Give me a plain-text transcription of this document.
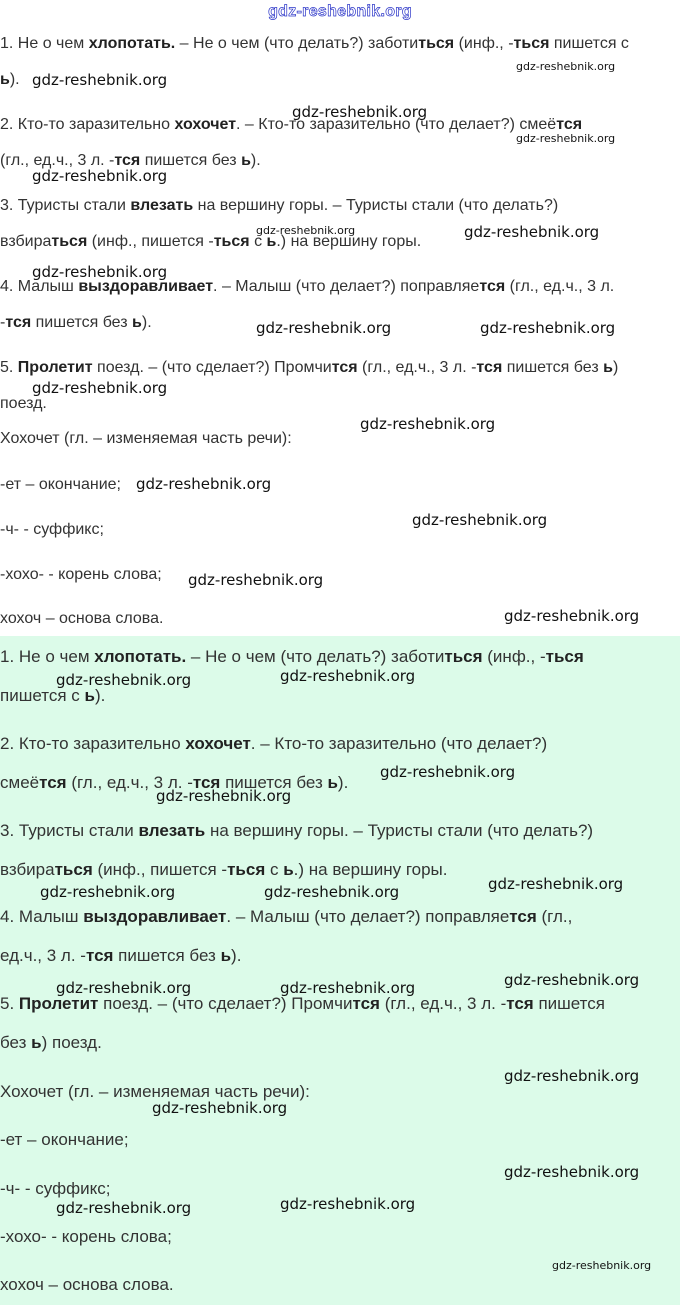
gdz-reshebnik.org

1. Не о чем хлопотать. – Не о чем (что делать?) заботиться (инф., -ться пишется с

ь).

2. Кто-то заразительно хохочет. – Кто-то заразительно (что делает?) смеётся

(гл., ед.ч., 3 л. -тся пишется без ь).

3. Туристы стали влезать на вершину горы. – Туристы стали (что делать?)

взбираться (инф., пишется -ться с ь.) на вершину горы.

4. Малыш выздоравливает. – Малыш (что делает?) поправляется (гл., ед.ч., 3 л.

-тся пишется без ь).

5. Пролетит поезд. – (что сделает?) Промчится (гл., ед.ч., 3 л. -тся пишется без ь)

поезд.

Хохочет (гл. – изменяемая часть речи):

-ет – окончание;

-ч- - суффикс;

-хохо- - корень слова;

хохоч – основа слова.

1. Не о чем хлопотать. – Не о чем (что делать?) заботиться (инф., -ться

пишется с ь).

2. Кто-то заразительно хохочет. – Кто-то заразительно (что делает?)

смеётся (гл., ед.ч., 3 л. -тся пишется без ь).

3. Туристы стали влезать на вершину горы. – Туристы стали (что делать?)

взбираться (инф., пишется -ться с ь.) на вершину горы.

4. Малыш выздоравливает. – Малыш (что делает?) поправляется (гл.,

ед.ч., 3 л. -тся пишется без ь).

5. Пролетит поезд. – (что сделает?) Промчится (гл., ед.ч., 3 л. -тся пишется

без ь) поезд.

Хохочет (гл. – изменяемая часть речи):

-ет – окончание;

-ч- - суффикс;

-хохо- - корень слова;

хохоч – основа слова.

gdz-reshebnik.org
gdz-reshebnik.org
gdz-reshebnik.org
gdz-reshebnik.org
gdz-reshebnik.org
gdz-reshebnik.org	gdz-reshebnik.org
gdz-reshebnik.org
gdz-reshebnik.org	gdz-reshebnik.org
gdz-reshebnik.org
gdz-reshebnik.org
gdz-reshebnik.org
gdz-reshebnik.org
gdz-reshebnik.org
gdz-reshebnik.org
gdz-reshebnik.org
gdz-reshebnik.org
gdz-reshebnik.org
gdz-reshebnik.org
gdz-reshebnik.org
gdz-reshebnik.org	gdz-reshebnik.org
gdz-reshebnik.org
gdz-reshebnik.org	gdz-reshebnik.org
gdz-reshebnik.org
gdz-reshebnik.org
gdz-reshebnik.org
gdz-reshebnik.org	gdz-reshebnik.org
gdz-reshebnik.org
